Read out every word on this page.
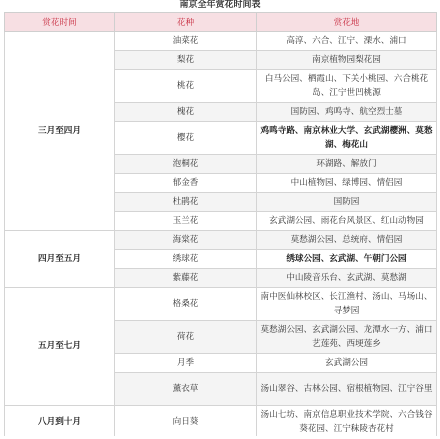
南京全年赏花时间表
赏花时间	花种	赏花地
三月至四月	油菜花	高淳、六合、江宁、溧水、浦口
	梨花	南京植物园梨花园
	桃花	白马公园、栖霞山、下关小桃园、六合桃花岛、江宁世凹桃源
	槐花	国防园、鸡鸣寺、航空烈士墓
	樱花	鸡鸣寺路、南京林业大学、玄武湖樱洲、莫愁湖、梅花山
	泡桐花	环湖路、解放门
	郁金香	中山植物园、绿博园、情侣园
	杜鹃花	国防园
	玉兰花	玄武湖公园、雨花台风景区、红山动物园
四月至五月	海棠花	莫愁湖公园、总统府、情侣园
	绣球花	绣球公园、玄武湖、午朝门公园
	紫藤花	中山陵音乐台、玄武湖、莫愁湖
五月至七月	格桑花	南中医仙林校区、长江渔村、汤山、马场山、寻梦园
	荷花	莫愁湖公园、玄武湖公园、龙潭水一方、浦口艺莲苑、西埂莲乡
	月季	玄武湖公园
	薰衣草	汤山翠谷、古林公园、宿根植物园、江宁谷里
八月到十月	向日葵	汤山七坊、南京信息职业技术学院、六合钱谷葵花园、江宁秣陵杏花村
